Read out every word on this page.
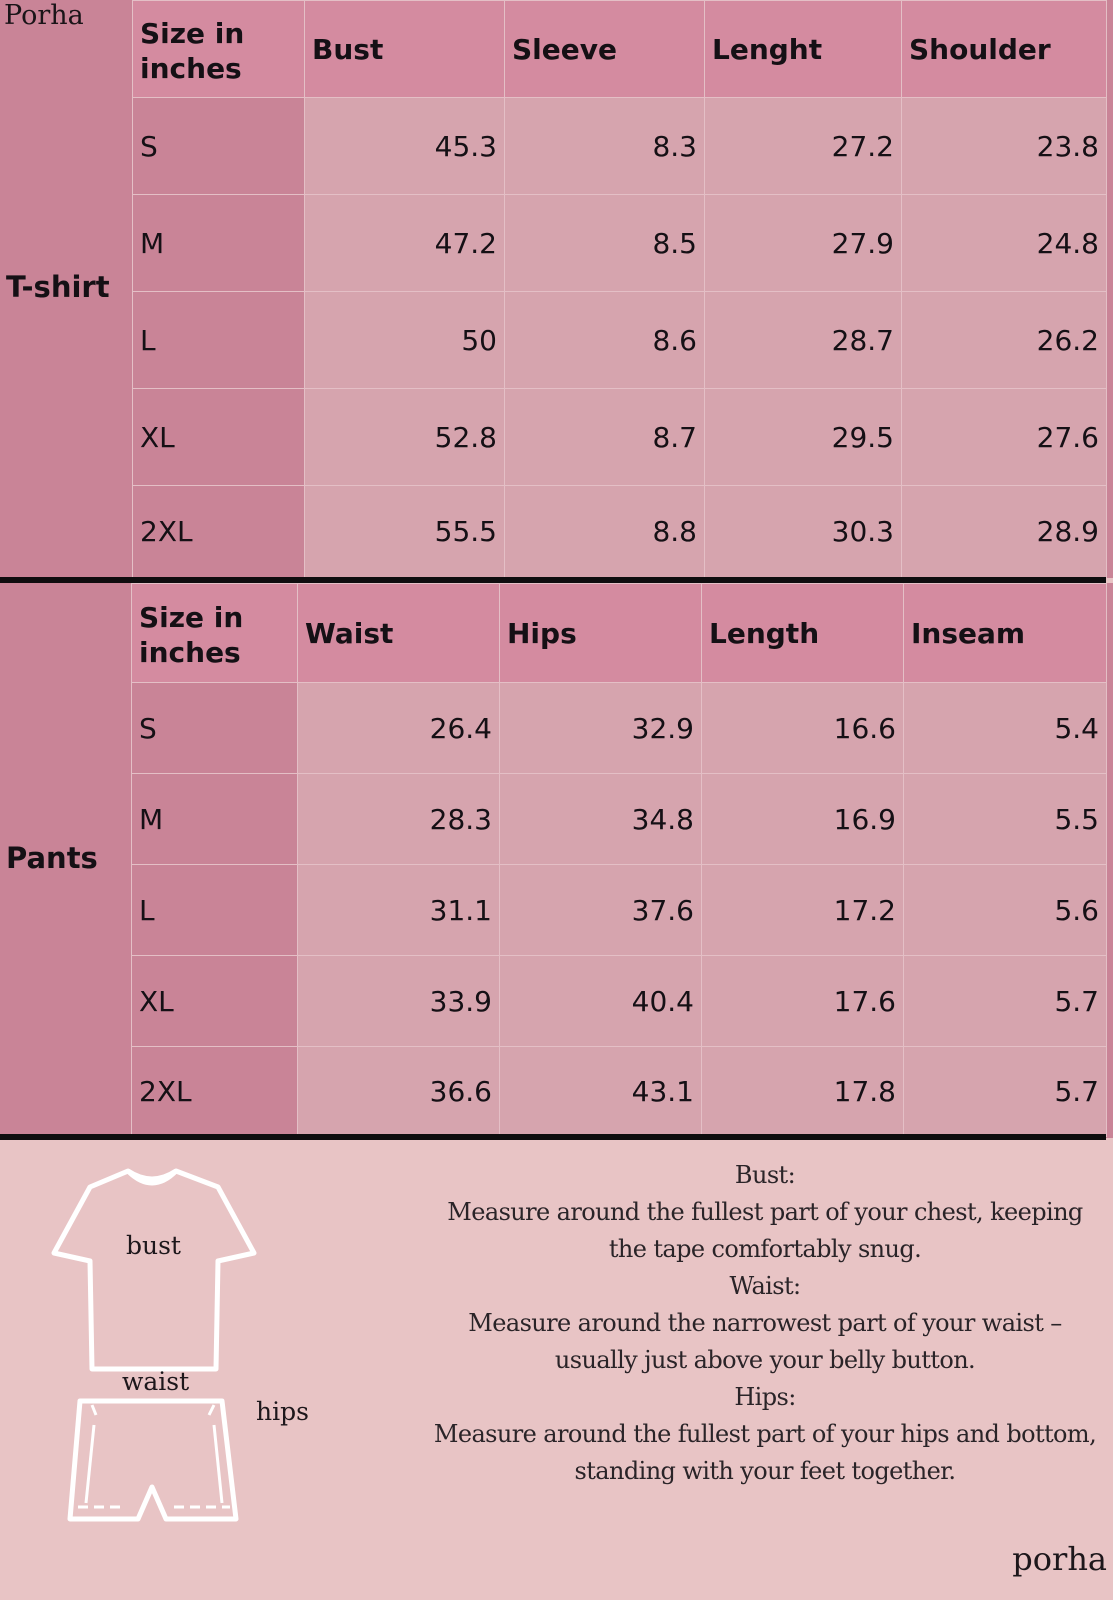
Porha
T-shirt
Size in inches	Bust	Sleeve	Lenght	Shoulder
S	45.3	8.3	27.2	23.8
M	47.2	8.5	27.9	24.8
L	50	8.6	28.7	26.2
XL	52.8	8.7	29.5	27.6
2XL	55.5	8.8	30.3	28.9
Pants
Size in inches	Waist	Hips	Length	Inseam
S	26.4	32.9	16.6	5.4
M	28.3	34.8	16.9	5.5
L	31.1	37.6	17.2	5.6
XL	33.9	40.4	17.6	5.7
2XL	36.6	43.1	17.8	5.7
bust
waist
hips
Bust:
Measure around the fullest part of your chest, keeping
the tape comfortably snug.
Waist:
Measure around the narrowest part of your waist –
usually just above your belly button.
Hips:
Measure around the fullest part of your hips and bottom,
standing with your feet together.
porha
